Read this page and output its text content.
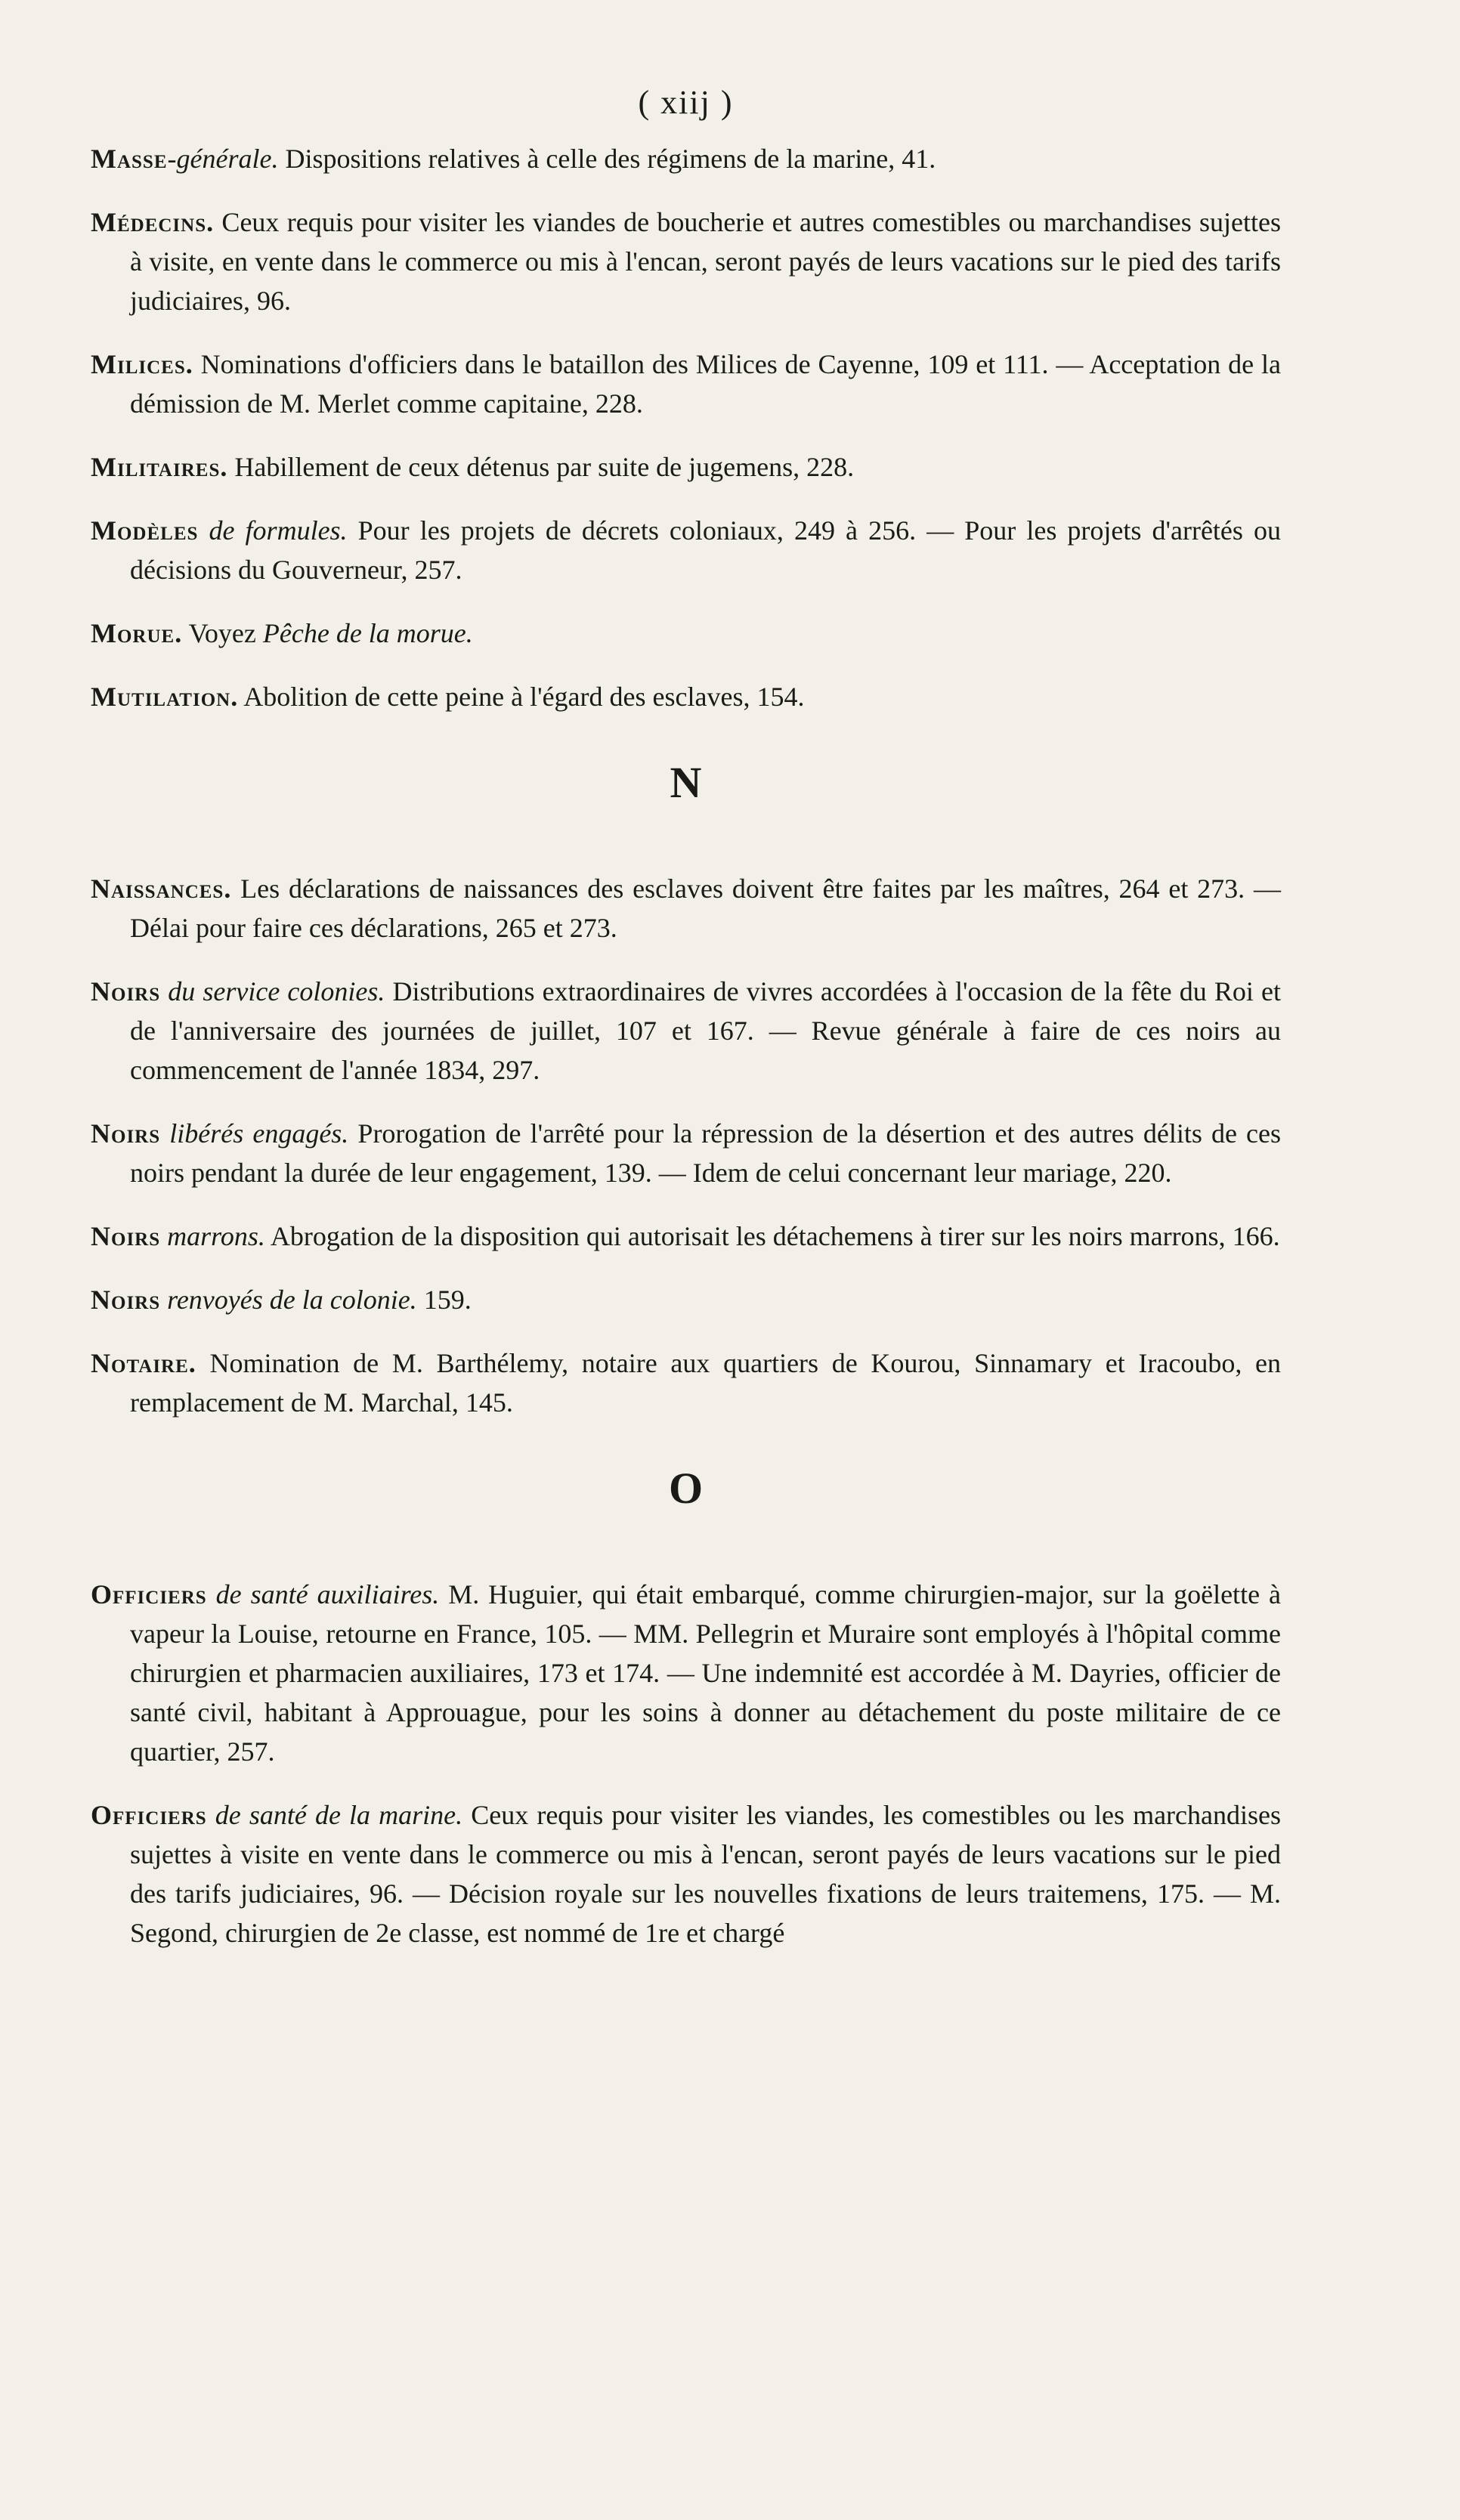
( xiij )

Masse-générale. Dispositions relatives à celle des régimens de la marine, 41.

Médecins. Ceux requis pour visiter les viandes de boucherie et autres comestibles ou marchandises sujettes à visite, en vente dans le commerce ou mis à l'encan, seront payés de leurs vacations sur le pied des tarifs judiciaires, 96.

Milices. Nominations d'officiers dans le bataillon des Milices de Cayenne, 109 et 111. — Acceptation de la démission de M. Merlet comme capitaine, 228.

Militaires. Habillement de ceux détenus par suite de jugemens, 228.

Modèles de formules. Pour les projets de décrets coloniaux, 249 à 256. — Pour les projets d'arrêtés ou décisions du Gouverneur, 257.

Morue. Voyez Pêche de la morue.

Mutilation. Abolition de cette peine à l'égard des esclaves, 154.

N

Naissances. Les déclarations de naissances des esclaves doivent être faites par les maîtres, 264 et 273. — Délai pour faire ces déclarations, 265 et 273.

Noirs du service colonies. Distributions extraordinaires de vivres accordées à l'occasion de la fête du Roi et de l'anniversaire des journées de juillet, 107 et 167. — Revue générale à faire de ces noirs au commencement de l'année 1834, 297.

Noirs libérés engagés. Prorogation de l'arrêté pour la répression de la désertion et des autres délits de ces noirs pendant la durée de leur engagement, 139. — Idem de celui concernant leur mariage, 220.

Noirs marrons. Abrogation de la disposition qui autorisait les détachemens à tirer sur les noirs marrons, 166.

Noirs renvoyés de la colonie. 159.

Notaire. Nomination de M. Barthélemy, notaire aux quartiers de Kourou, Sinnamary et Iracoubo, en remplacement de M. Marchal, 145.

O

Officiers de santé auxiliaires. M. Huguier, qui était embarqué, comme chirurgien-major, sur la goëlette à vapeur la Louise, retourne en France, 105. — MM. Pellegrin et Muraire sont employés à l'hôpital comme chirurgien et pharmacien auxiliaires, 173 et 174. — Une indemnité est accordée à M. Dayries, officier de santé civil, habitant à Approuague, pour les soins à donner au détachement du poste militaire de ce quartier, 257.

Officiers de santé de la marine. Ceux requis pour visiter les viandes, les comestibles ou les marchandises sujettes à visite en vente dans le commerce ou mis à l'encan, seront payés de leurs vacations sur le pied des tarifs judiciaires, 96. — Décision royale sur les nouvelles fixations de leurs traitemens, 175. — M. Segond, chirurgien de 2e classe, est nommé de 1re et chargé
